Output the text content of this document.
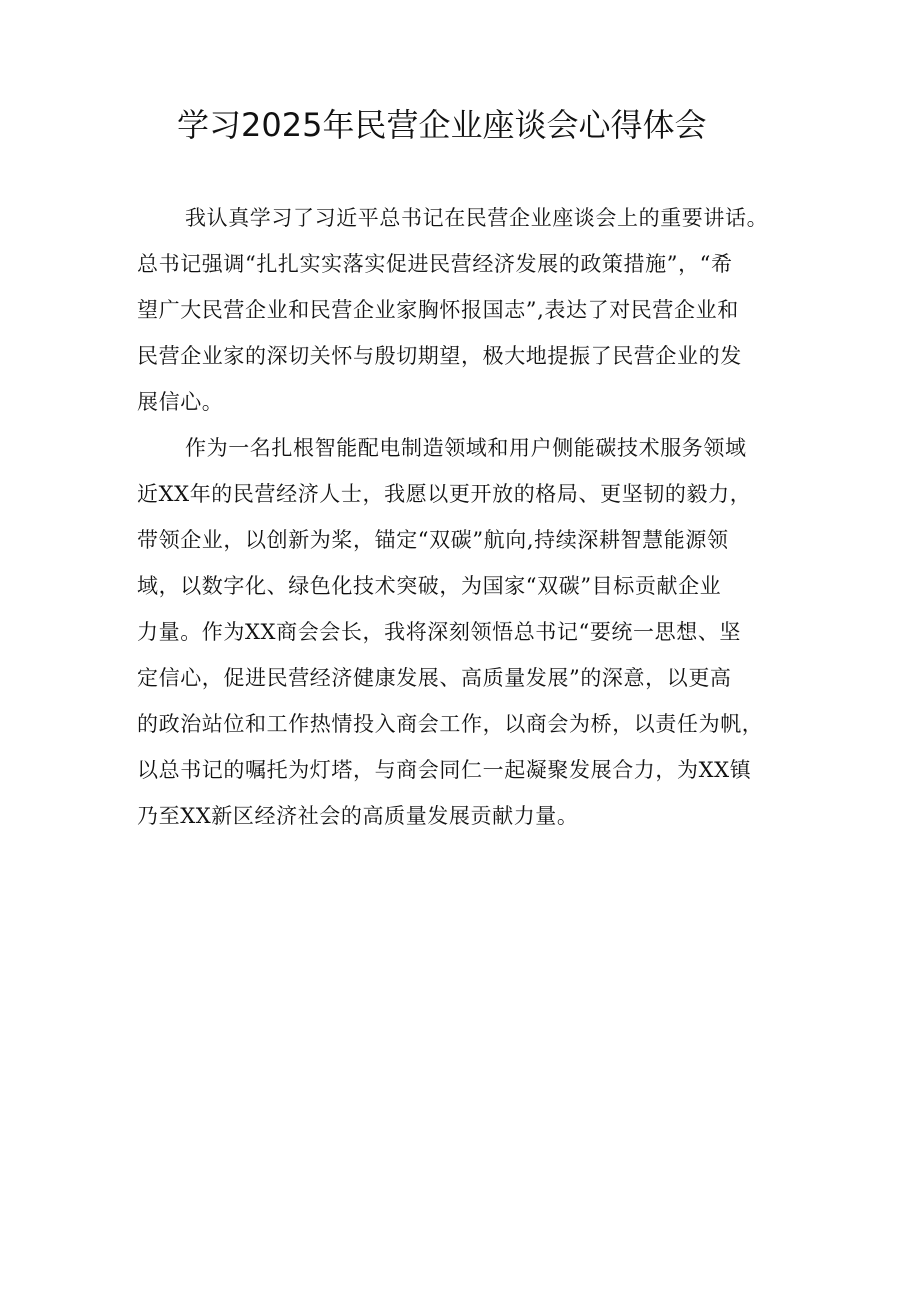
学习2025年民营企业座谈会心得体会
我认真学习了习近平总书记在民营企业座谈会上的重要讲话。
总书记强调“扎扎实实落实促进民营经济发展的政策措施”，“希
望广大民营企业和民营企业家胸怀报国志”,表达了对民营企业和
民营企业家的深切关怀与殷切期望，极大地提振了民营企业的发
展信心。
作为一名扎根智能配电制造领域和用户侧能碳技术服务领域
近XX年的民营经济人士，我愿以更开放的格局、更坚韧的毅力，
带领企业，以创新为桨，锚定“双碳”航向,持续深耕智慧能源领
域，以数字化、绿色化技术突破，为国家“双碳”目标贡献企业
力量。作为XX商会会长，我将深刻领悟总书记“要统一思想、坚
定信心，促进民营经济健康发展、高质量发展”的深意，以更高
的政治站位和工作热情投入商会工作，以商会为桥，以责任为帆，
以总书记的嘱托为灯塔，与商会同仁一起凝聚发展合力，为XX镇
乃至XX新区经济社会的高质量发展贡献力量。
